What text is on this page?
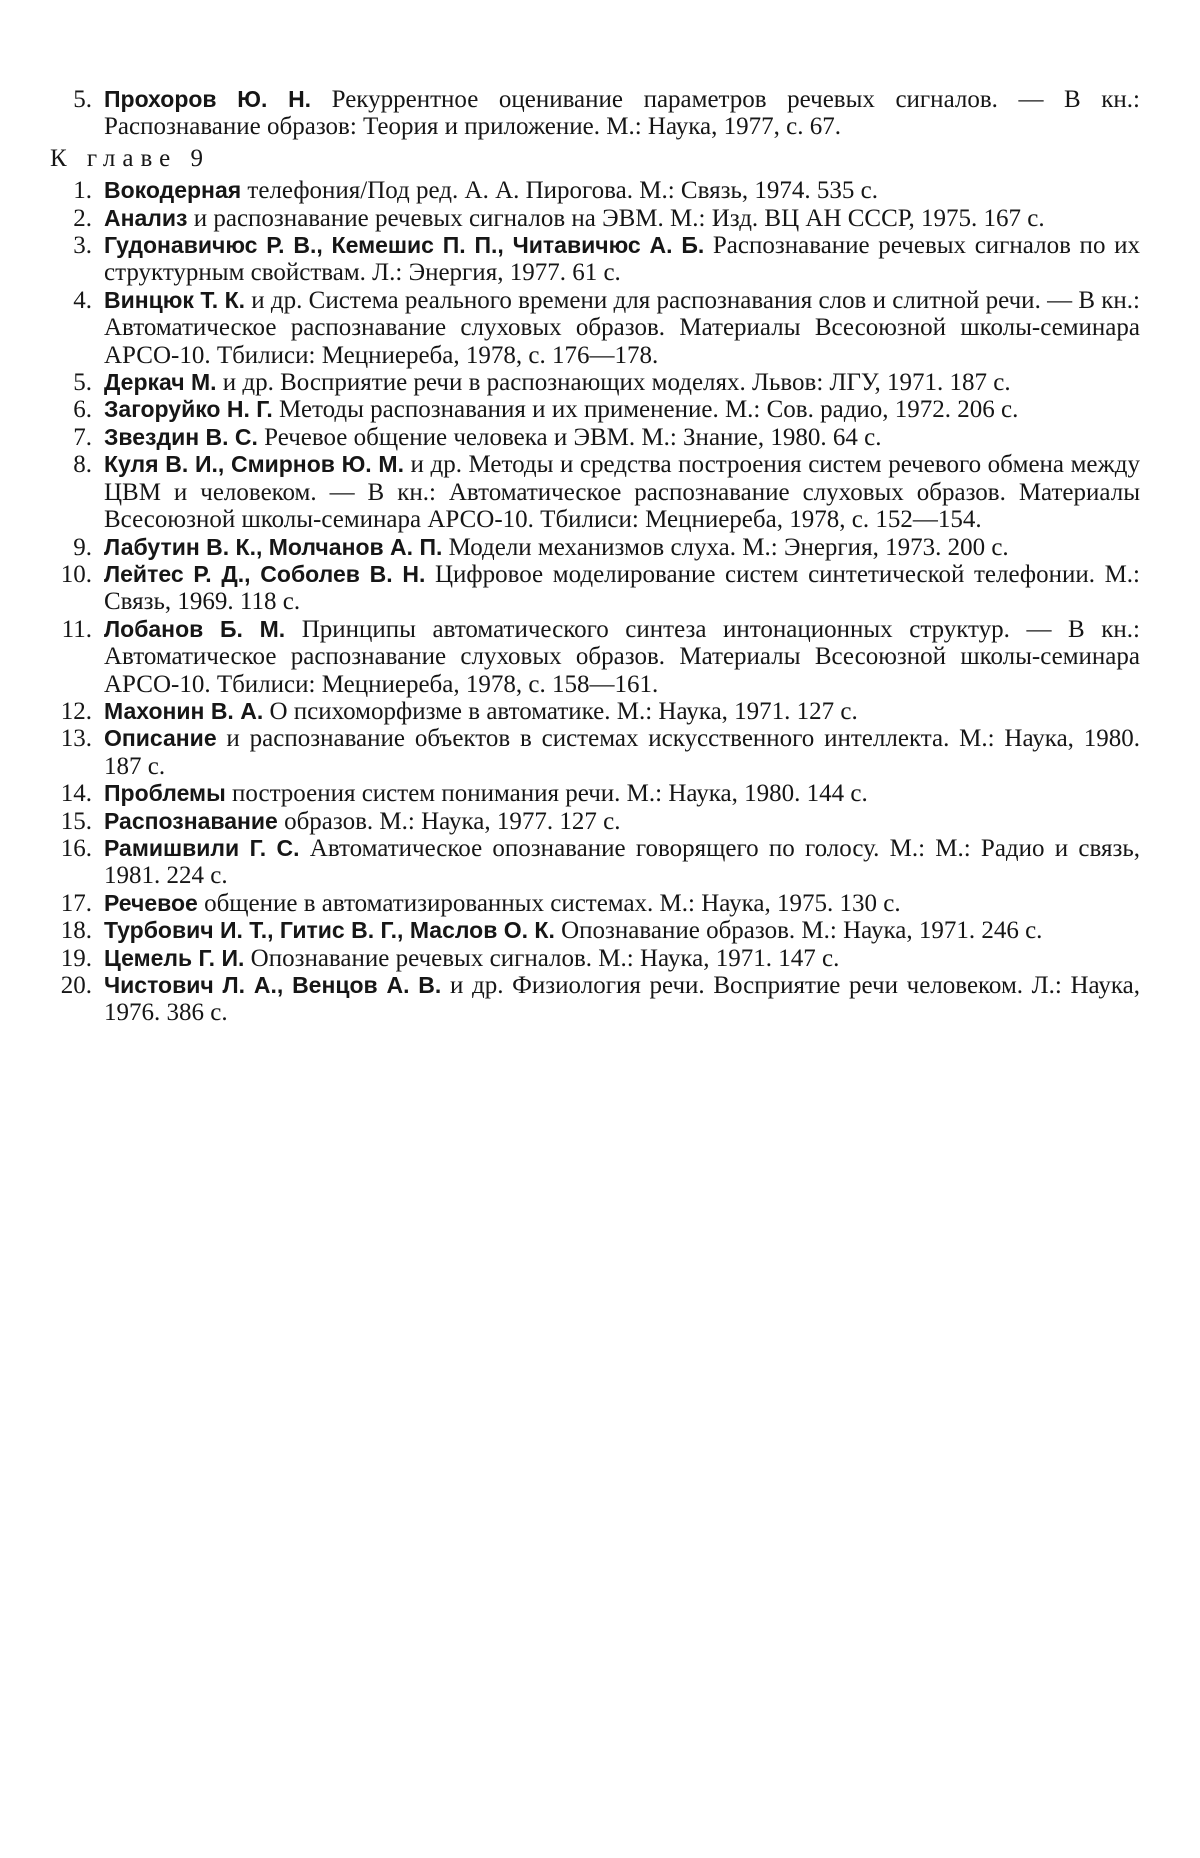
5. Прохоров Ю. Н. Рекуррентное оценивание параметров речевых сигналов. — В кн.: Распознавание образов: Теория и приложение. М.: Наука, 1977, с. 67.

К главе 9

1. Вокодерная телефония/Под ред. А. А. Пирогова. М.: Связь, 1974. 535 с.

2. Анализ и распознавание речевых сигналов на ЭВМ. М.: Изд. ВЦ АН СССР, 1975. 167 с.

3. Гудонавичюс Р. В., Кемешис П. П., Читавичюс А. Б. Распознавание речевых сигналов по их структурным свойствам. Л.: Энергия, 1977. 61 с.

4. Винцюк Т. К. и др. Система реального времени для распознавания слов и слитной речи. — В кн.: Автоматическое распознавание слуховых образов. Материалы Всесоюзной школы-семинара АРСО-10. Тбилиси: Мецниереба, 1978, с. 176—178.

5. Деркач М. и др. Восприятие речи в распознающих моделях. Львов: ЛГУ, 1971. 187 с.

6. Загоруйко Н. Г. Методы распознавания и их применение. М.: Сов. радио, 1972. 206 с.

7. Звездин В. С. Речевое общение человека и ЭВМ. М.: Знание, 1980. 64 с.

8. Куля В. И., Смирнов Ю. М. и др. Методы и средства построения систем речевого обмена между ЦВМ и человеком. — В кн.: Автоматическое распознавание слуховых образов. Материалы Всесоюзной школы-семинара АРСО-10. Тбилиси: Мецниереба, 1978, с. 152—154.

9. Лабутин В. К., Молчанов А. П. Модели механизмов слуха. М.: Энергия, 1973. 200 с.

10. Лейтес Р. Д., Соболев В. Н. Цифровое моделирование систем синтетической телефонии. М.: Связь, 1969. 118 с.

11. Лобанов Б. М. Принципы автоматического синтеза интонационных структур. — В кн.: Автоматическое распознавание слуховых образов. Материалы Всесоюзной школы-семинара АРСО-10. Тбилиси: Мецниереба, 1978, с. 158—161.

12. Махонин В. А. О психоморфизме в автоматике. М.: Наука, 1971. 127 с.

13. Описание и распознавание объектов в системах искусственного интеллекта. М.: Наука, 1980. 187 с.

14. Проблемы построения систем понимания речи. М.: Наука, 1980. 144 с.

15. Распознавание образов. М.: Наука, 1977. 127 с.

16. Рамишвили Г. С. Автоматическое опознавание говорящего по голосу. М.: М.: Радио и связь, 1981. 224 с.

17. Речевое общение в автоматизированных системах. М.: Наука, 1975. 130 с.

18. Турбович И. Т., Гитис В. Г., Маслов О. К. Опознавание образов. М.: Наука, 1971. 246 с.

19. Цемель Г. И. Опознавание речевых сигналов. М.: Наука, 1971. 147 с.

20. Чистович Л. А., Венцов А. В. и др. Физиология речи. Восприятие речи человеком. Л.: Наука, 1976. 386 с.
